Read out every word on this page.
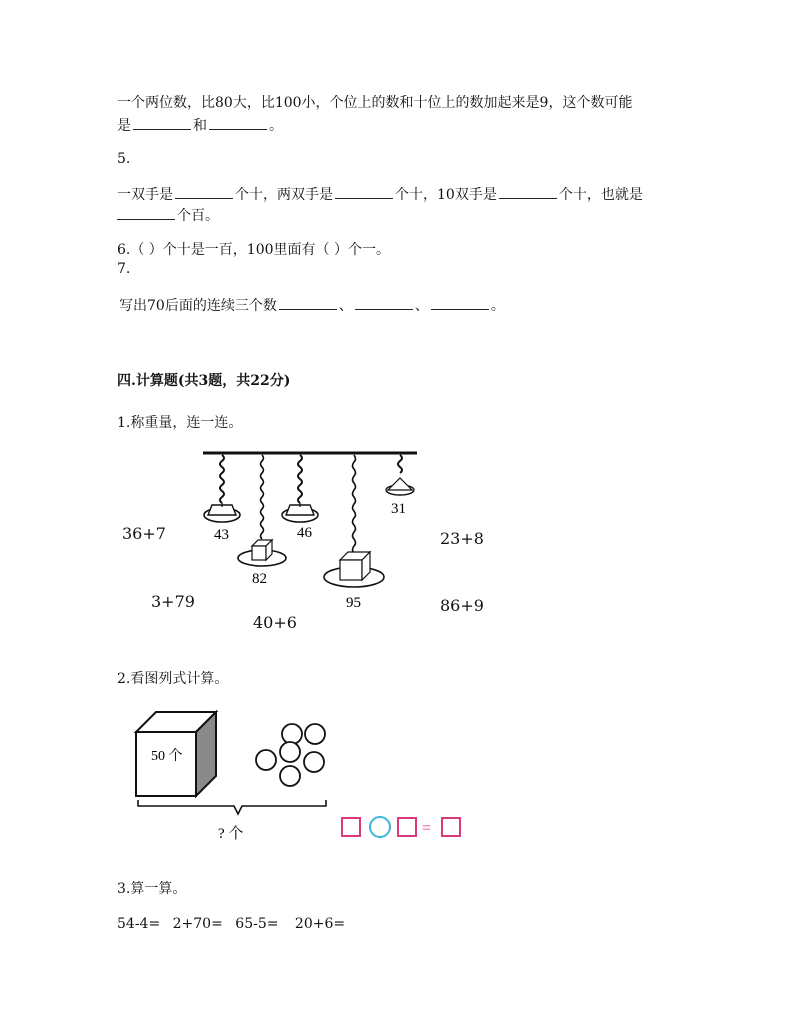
一个两位数，比80大，比100小，个位上的数和十位上的数加起来是9，这个数可能
是	和	。
5.
一双手是	个十，两双手是	个十，10双手是	个十，也就是
个百。
6.（ ）个十是一百，100里面有（ ）个一。
7.
写出70后面的连续三个数	、	、	。
四.计算题(共3题，共22分)
1.称重量，连一连。
43
82
46
95
31
36+7	23+8
3+79	86+9
40+6
2.看图列式计算。
50 个
? 个	=
3.算一算。
54-4= 2+70= 65-5= 20+6=
